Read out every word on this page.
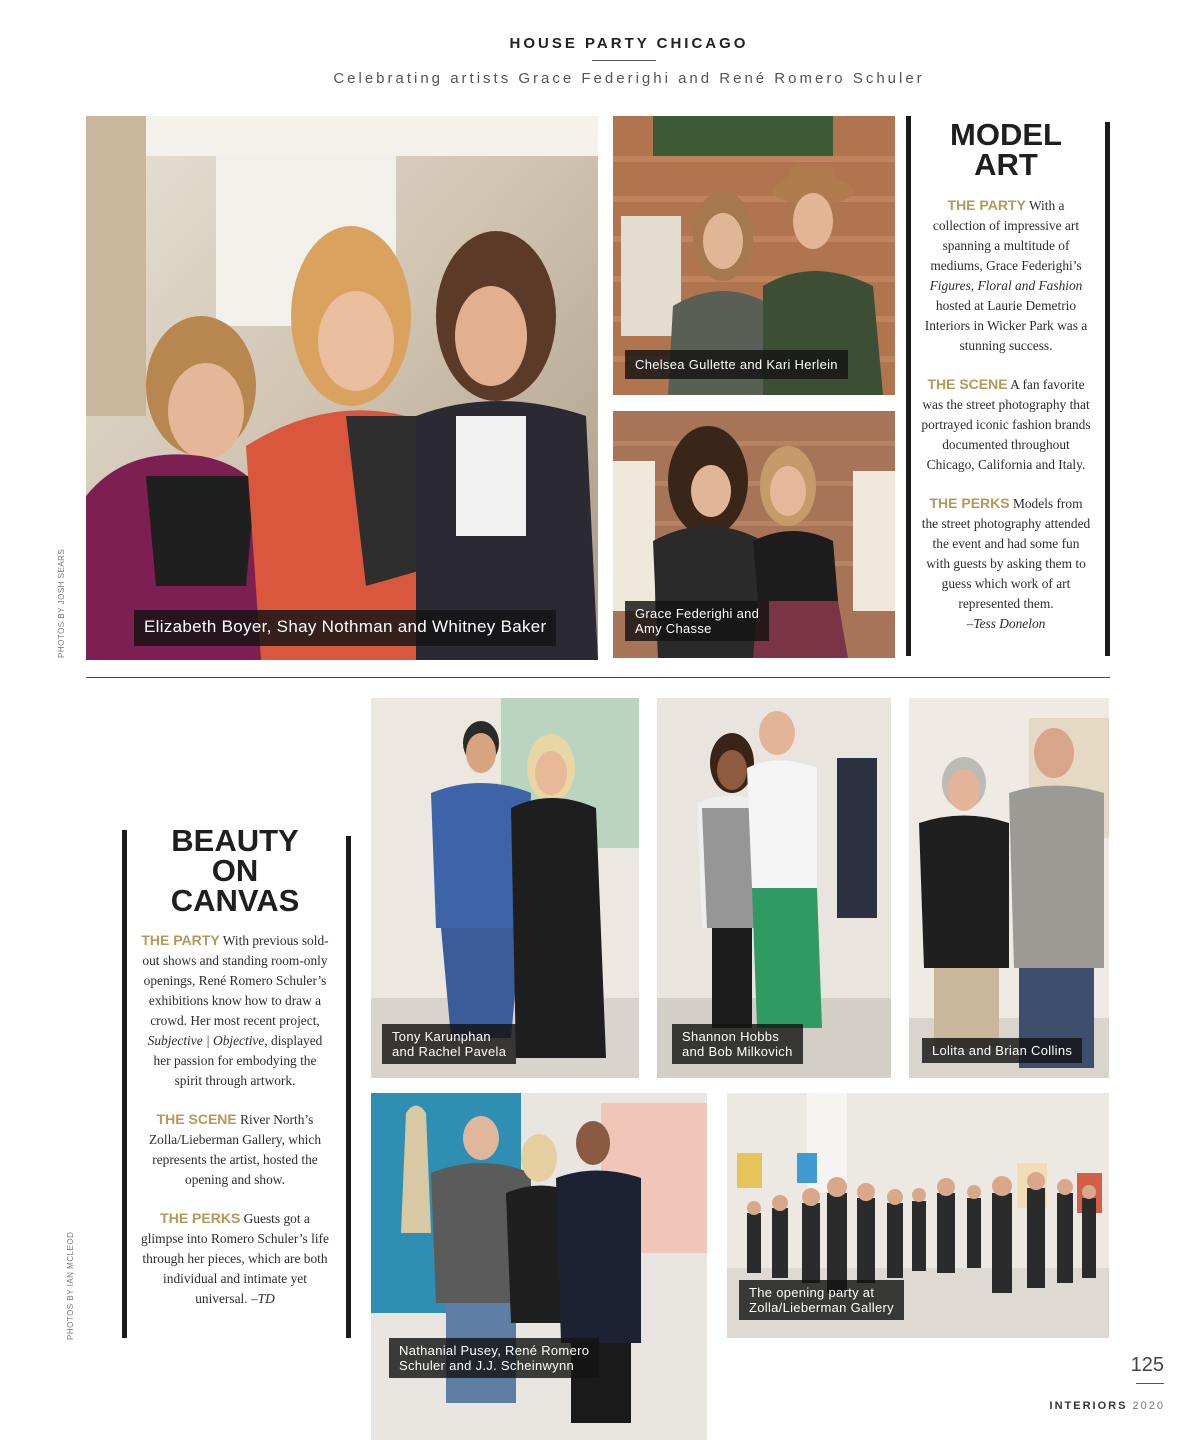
HOUSE PARTY CHICAGO
Celebrating artists Grace Federighi and René Romero Schuler
Elizabeth Boyer, Shay Nothman and Whitney Baker
Chelsea Gullette and Kari Herlein
Grace Federighi and
Amy Chasse

MODEL
ART

THE PARTY With a collection of impressive art spanning a multitude of mediums, Grace Federighi’s Figures, Floral and Fashion hosted at Laurie Demetrio Interiors in Wicker Park was a stunning success.

THE SCENE A fan favorite was the street photography that portrayed iconic fashion brands documented throughout Chicago, California and Italy.

THE PERKS Models from the street photography attended the event and had some fun with guests by asking them to guess which work of art represented them.
–Tess Donelon

PHOTOS BY JOSH SEARS

BEAUTY
ON
CANVAS

THE PARTY With previous sold-out shows and standing room-only openings, René Romero Schuler’s exhibitions know how to draw a crowd. Her most recent project, Subjective | Objective, displayed her passion for embodying the spirit through artwork.

THE SCENE River North’s Zolla/Lieberman Gallery, which represents the artist, hosted the opening and show.

THE PERKS Guests got a glimpse into Romero Schuler’s life through her pieces, which are both individual and intimate yet universal. –TD

PHOTOS BY IAN MCLEOD
Tony Karunphan
and Rachel Pavela
Shannon Hobbs
and Bob Milkovich	Lolita and Brian Collins
Nathanial Pusey, René Romero
Schuler and J.J. Scheinwynn
The opening party at
Zolla/Lieberman Gallery
125
INTERIORS 2020
